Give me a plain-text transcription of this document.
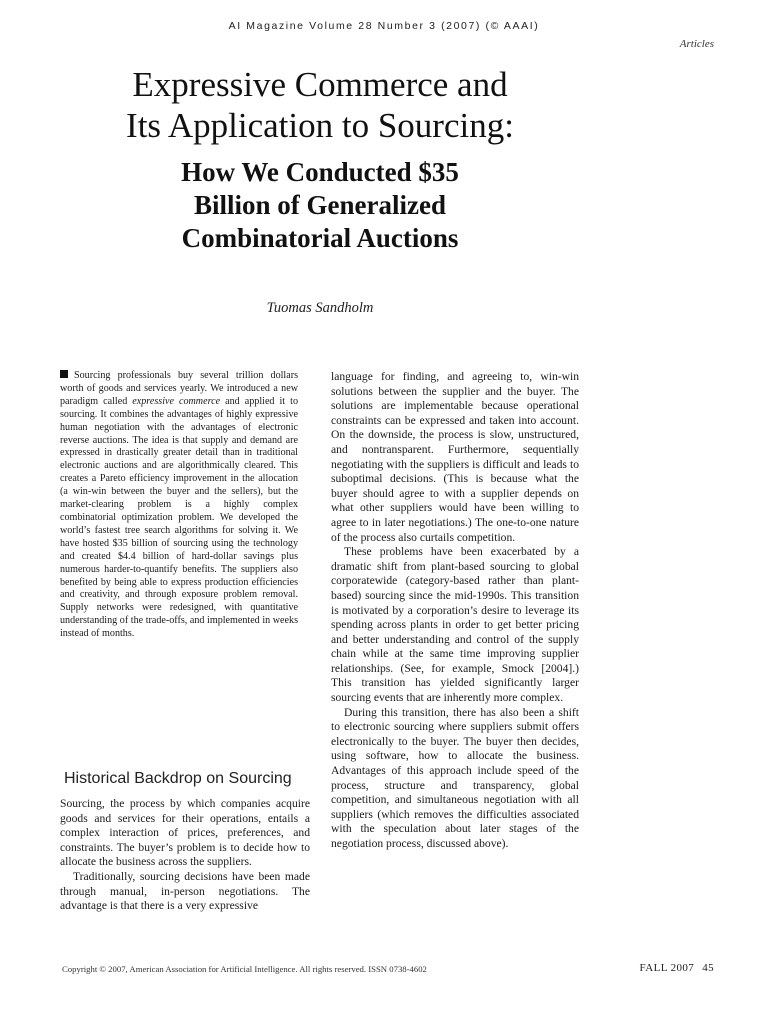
AI Magazine Volume 28 Number 3 (2007) (© AAAI)
Articles
Expressive Commerce and
Its Application to Sourcing:
How We Conducted $35
Billion of Generalized
Combinatorial Auctions
Tuomas Sandholm
Sourcing professionals buy several trillion dollars worth of goods and services yearly. We introduced a new paradigm called expressive commerce and applied it to sourcing. It combines the advantages of highly expressive human negotiation with the advantages of electronic reverse auctions. The idea is that supply and demand are expressed in drastically greater detail than in traditional electronic auctions and are algorithmically cleared. This creates a Pareto efficiency improvement in the allocation (a win-win between the buyer and the sellers), but the market-clearing problem is a highly complex combinatorial optimization problem. We developed the world’s fastest tree search algorithms for solving it. We have hosted $35 billion of sourcing using the technology and created $4.4 billion of hard-dollar savings plus numerous harder-to-quantify benefits. The suppliers also benefited by being able to express production efficiencies and creativity, and through exposure problem removal. Supply networks were redesigned, with quantitative understanding of the trade-offs, and implemented in weeks instead of months.
Historical Backdrop on Sourcing

Sourcing, the process by which companies acquire goods and services for their operations, entails a complex interaction of prices, preferences, and constraints. The buyer’s problem is to decide how to allocate the business across the suppliers.

Traditionally, sourcing decisions have been made through manual, in-person negotiations. The advantage is that there is a very expressive

language for finding, and agreeing to, win-win solutions between the supplier and the buyer. The solutions are implementable because operational constraints can be expressed and taken into account. On the downside, the process is slow, unstructured, and nontransparent. Furthermore, sequentially negotiating with the suppliers is difficult and leads to suboptimal decisions. (This is because what the buyer should agree to with a supplier depends on what other suppliers would have been willing to agree to in later negotiations.) The one-to-one nature of the process also curtails competition.

These problems have been exacerbated by a dramatic shift from plant-based sourcing to global corporatewide (category-based rather than plant-based) sourcing since the mid-1990s. This transition is motivated by a corporation’s desire to leverage its spending across plants in order to get better pricing and better understanding and control of the supply chain while at the same time improving supplier relationships. (See, for example, Smock [2004].) This transition has yielded significantly larger sourcing events that are inherently more complex.

During this transition, there has also been a shift to electronic sourcing where suppliers submit offers electronically to the buyer. The buyer then decides, using software, how to allocate the business. Advantages of this approach include speed of the process, structure and transparency, global competition, and simultaneous negotiation with all suppliers (which removes the difficulties associated with the speculation about later stages of the negotiation process, discussed above).

Copyright © 2007, American Association for Artificial Intelligence. All rights reserved. ISSN 0738-4602	FALL 2007 45
